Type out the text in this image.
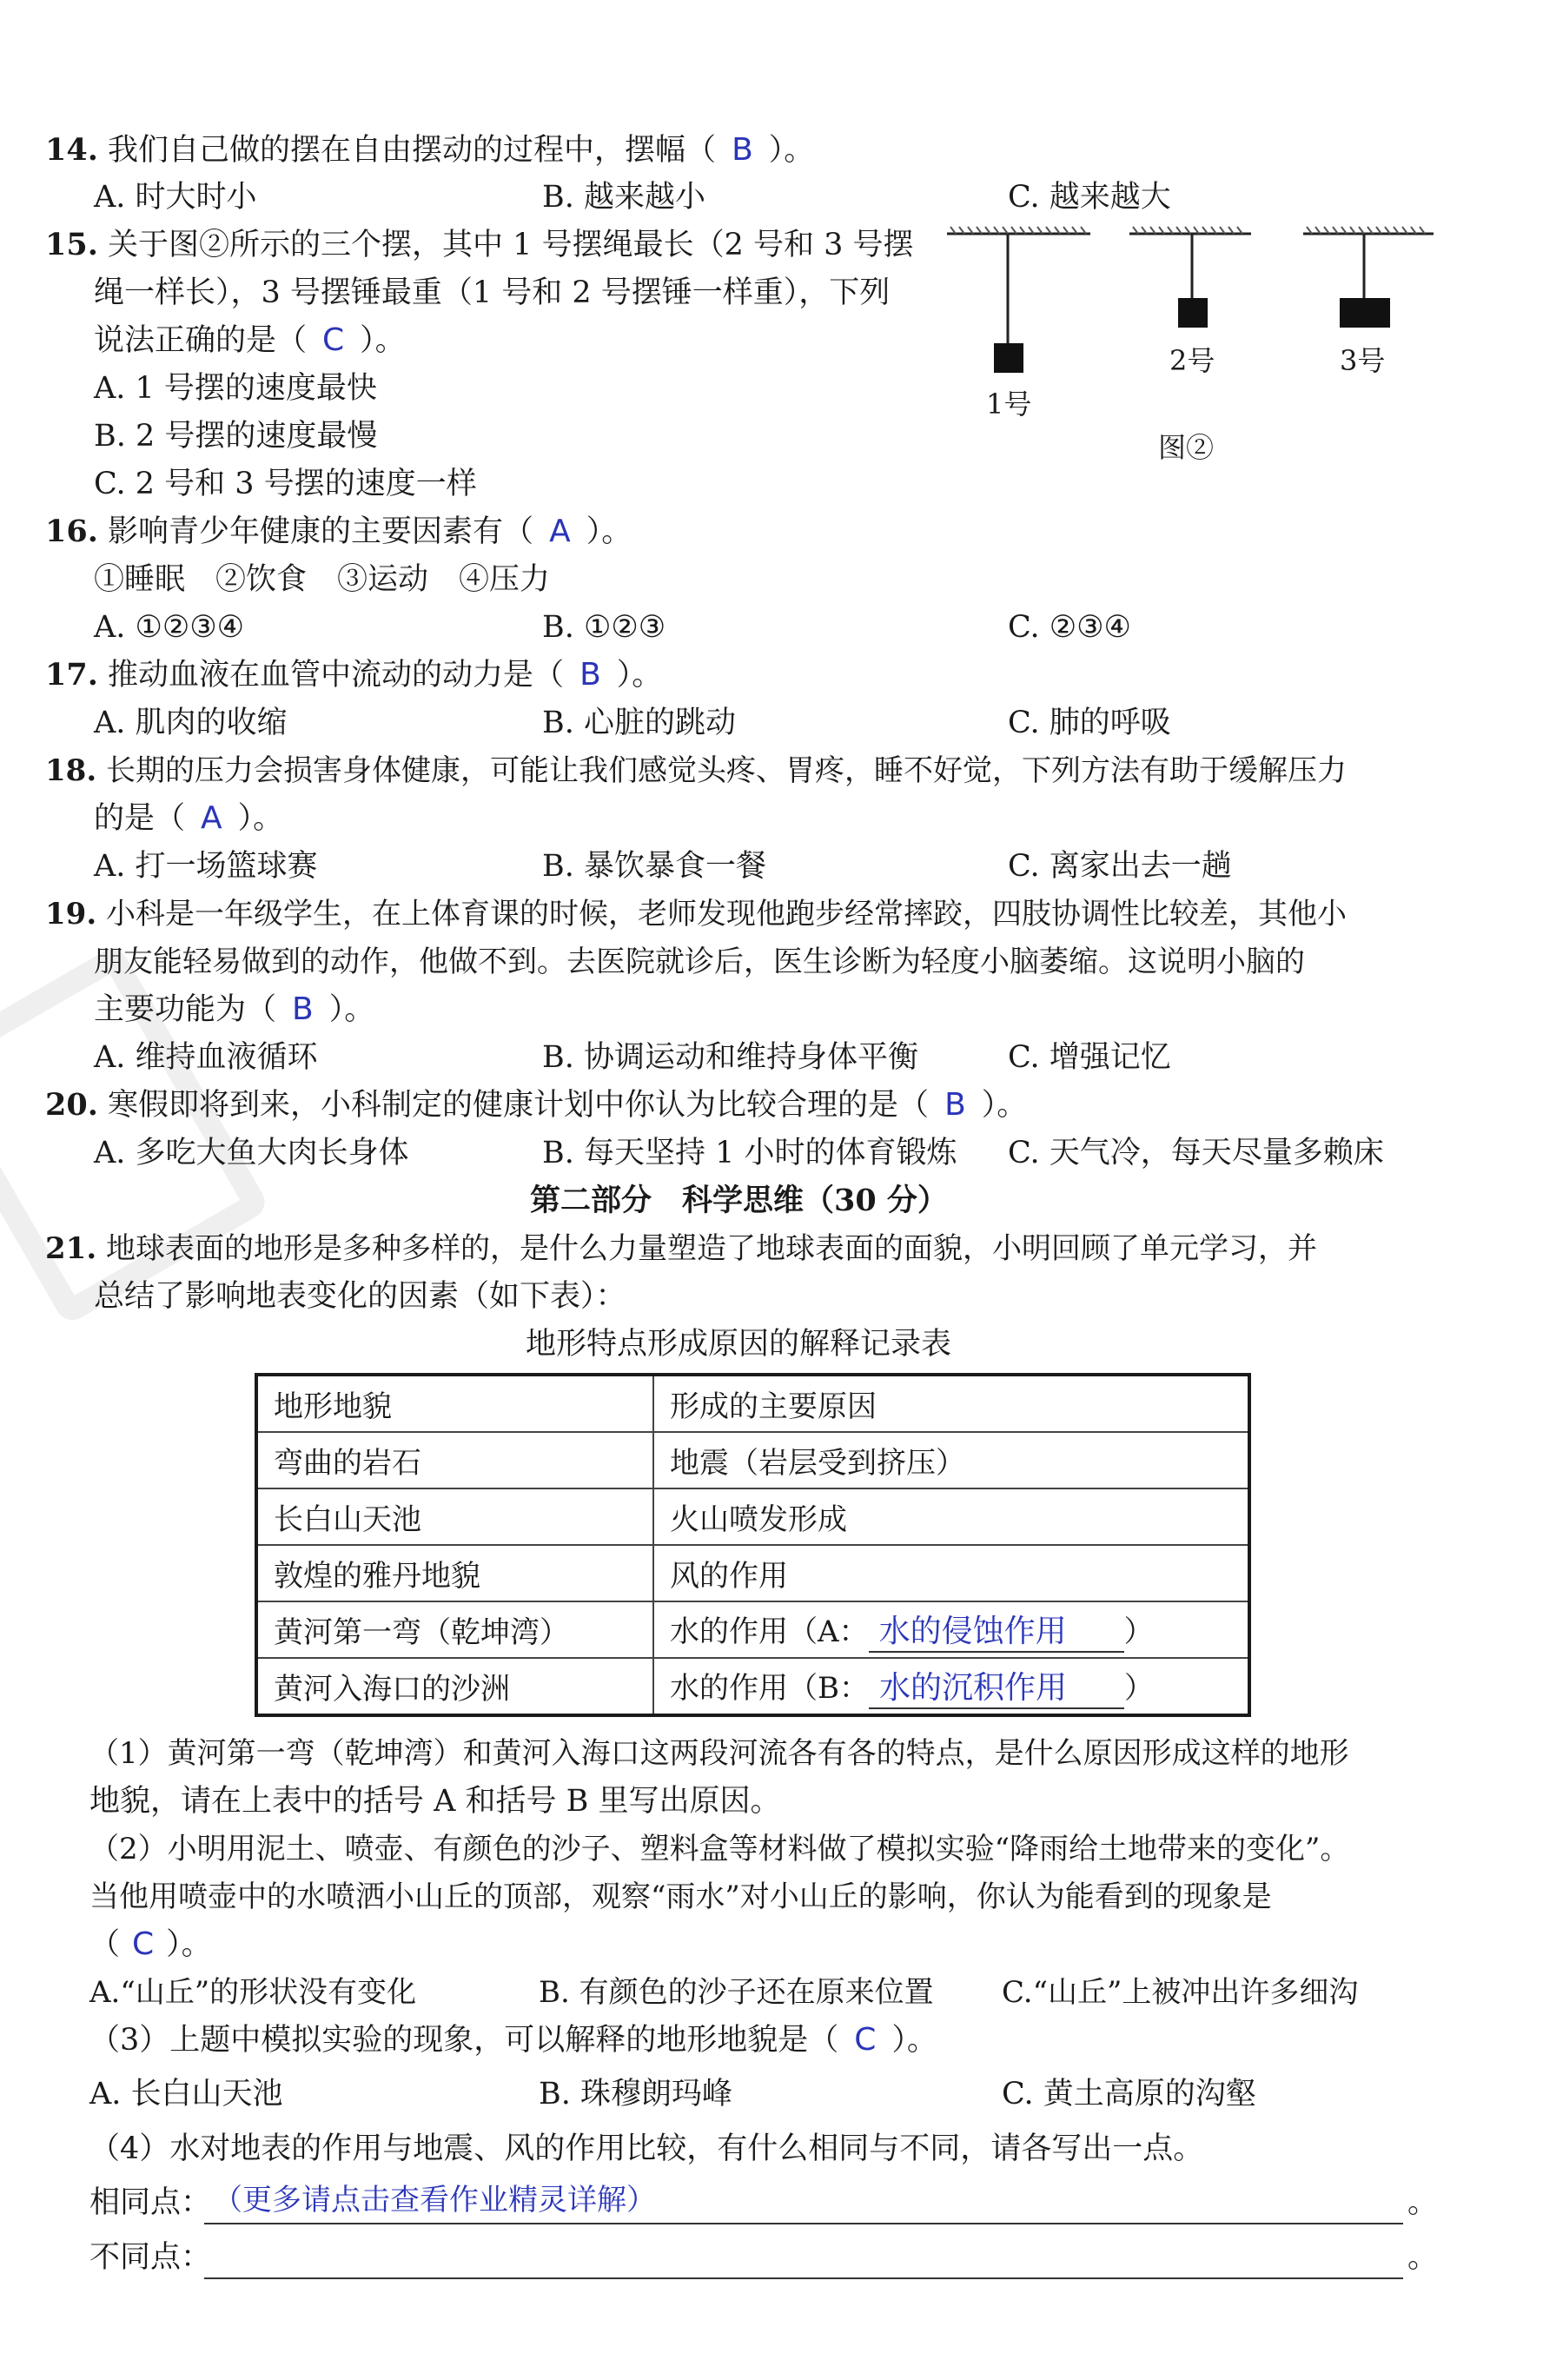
14. 我们自己做的摆在自由摆动的过程中，摆幅（ B ）。
A. 时大时小	B. 越来越小	C. 越来越大
15. 关于图②所示的三个摆，其中 1 号摆绳最长（2 号和 3 号摆
绳一样长），3 号摆锤最重（1 号和 2 号摆锤一样重），下列
说法正确的是（ C ）。
A. 1 号摆的速度最快
B. 2 号摆的速度最慢
C. 2 号和 3 号摆的速度一样
1号
2号	3号
图②
16. 影响青少年健康的主要因素有（ A ）。
①睡眠　②饮食　③运动　④压力
A. ①②③④	B. ①②③	C. ②③④
17. 推动血液在血管中流动的动力是（ B ）。
A. 肌肉的收缩	B. 心脏的跳动	C. 肺的呼吸
18. 长期的压力会损害身体健康，可能让我们感觉头疼、胃疼，睡不好觉，下列方法有助于缓解压力
的是（ A ）。
A. 打一场篮球赛	B. 暴饮暴食一餐	C. 离家出去一趟
19. 小科是一年级学生，在上体育课的时候，老师发现他跑步经常摔跤，四肢协调性比较差，其他小
朋友能轻易做到的动作，他做不到。去医院就诊后，医生诊断为轻度小脑萎缩。这说明小脑的
主要功能为（ B ）。
A. 维持血液循环	B. 协调运动和维持身体平衡	C. 增强记忆
20. 寒假即将到来，小科制定的健康计划中你认为比较合理的是（ B ）。
A. 多吃大鱼大肉长身体	B. 每天坚持 1 小时的体育锻炼 C. 天气冷，每天尽量多赖床
第二部分　科学思维（30 分）
21. 地球表面的地形是多种多样的，是什么力量塑造了地球表面的面貌，小明回顾了单元学习，并
总结了影响地表变化的因素（如下表）：
地形特点形成原因的解释记录表
地形地貌	形成的主要原因
弯曲的岩石	地震（岩层受到挤压）
长白山天池	火山喷发形成
敦煌的雅丹地貌	风的作用
黄河第一弯（乾坤湾）	水的作用（A： 水的侵蚀作用 ）
黄河入海口的沙洲	水的作用（B： 水的沉积作用 ）
（1）黄河第一弯（乾坤湾）和黄河入海口这两段河流各有各的特点，是什么原因形成这样的地形
地貌，请在上表中的括号 A 和括号 B 里写出原因。
（2）小明用泥土、喷壶、有颜色的沙子、塑料盒等材料做了模拟实验“降雨给土地带来的变化”。
当他用喷壶中的水喷洒小山丘的顶部，观察“雨水”对小山丘的影响，你认为能看到的现象是
（ C ）。
A.“山丘”的形状没有变化	B. 有颜色的沙子还在原来位置 C.“山丘”上被冲出许多细沟
（3）上题中模拟实验的现象，可以解释的地形地貌是（ C ）。
A. 长白山天池	B. 珠穆朗玛峰	C. 黄土高原的沟壑
（4）水对地表的作用与地震、风的作用比较，有什么相同与不同，请各写出一点。
相同点： （更多请点击查看作业精灵详解）	。
不同点：	。
